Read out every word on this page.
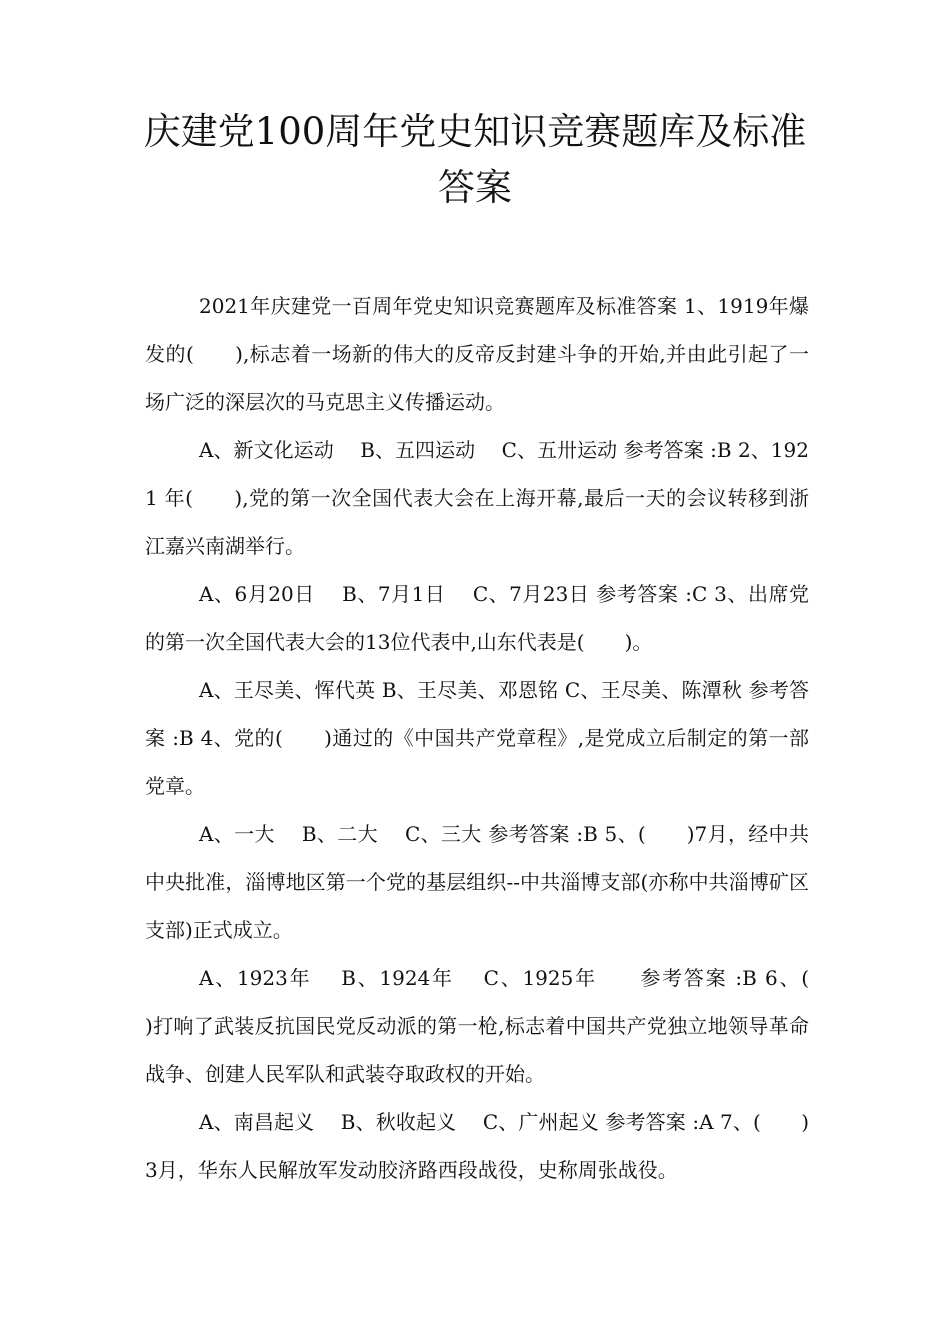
庆建党100周年党史知识竞赛题库及标准
答案

2021年庆建党一百周年党史知识竞赛题库及标准答案 1、1919年爆发的(　　),标志着一场新的伟大的反帝反封建斗争的开始,并由此引起了一场广泛的深层次的马克思主义传播运动。

A、新文化运动　 B、五四运动　 C、五卅运动 参考答案 :B 2、1921 年(　　),党的第一次全国代表大会在上海开幕,最后一天的会议转移到浙江嘉兴南湖举行。

A、6月20日　 B、7月1日　 C、7月23日 参考答案 :C 3、出席党的第一次全国代表大会的13位代表中,山东代表是(　　)。

A、王尽美、恽代英 B、王尽美、邓恩铭 C、王尽美、陈潭秋 参考答案 :B 4、党的(　　)通过的《中国共产党章程》,是党成立后制定的第一部党章。

A、一大　 B、二大　 C、三大 参考答案 :B 5、(　　)7月，经中共中央批准，淄博地区第一个党的基层组织--中共淄博支部(亦称中共淄博矿区支部)正式成立。

A、1923年　 B、1924年　 C、1925年　　参考答案 :B 6、(　　)打响了武装反抗国民党反动派的第一枪,标志着中国共产党独立地领导革命战争、创建人民军队和武装夺取政权的开始。

A、南昌起义　 B、秋收起义　 C、广州起义 参考答案 :A 7、(　　)3月，华东人民解放军发动胶济路西段战役，史称周张战役。
